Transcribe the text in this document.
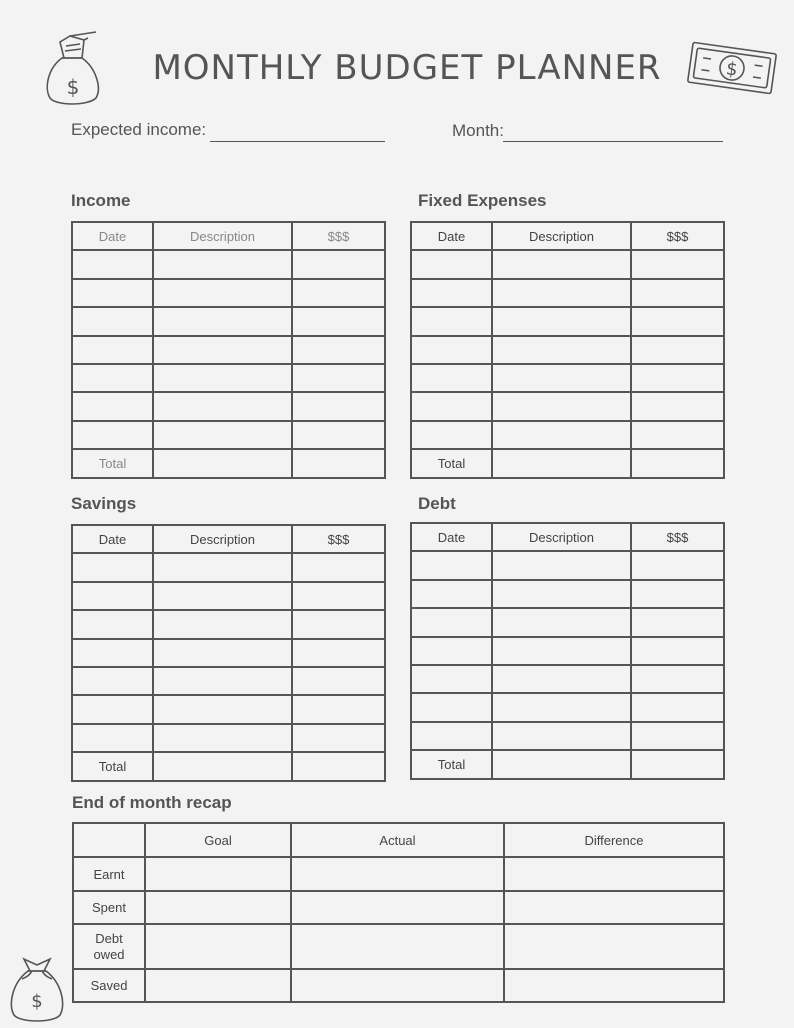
$	MONTHLY BUDGET PLANNER	$
Expected income:	Month:
Income
Date	Description	$$$

Total		
Fixed Expenses
Date	Description	$$$

Total		
Savings
Date	Description	$$$

Total		
Debt
Date	Description	$$$

Total		
End of month recap
	Goal	Actual	Difference
Earnt			
Spent			
Debt owed			
Saved			
$
